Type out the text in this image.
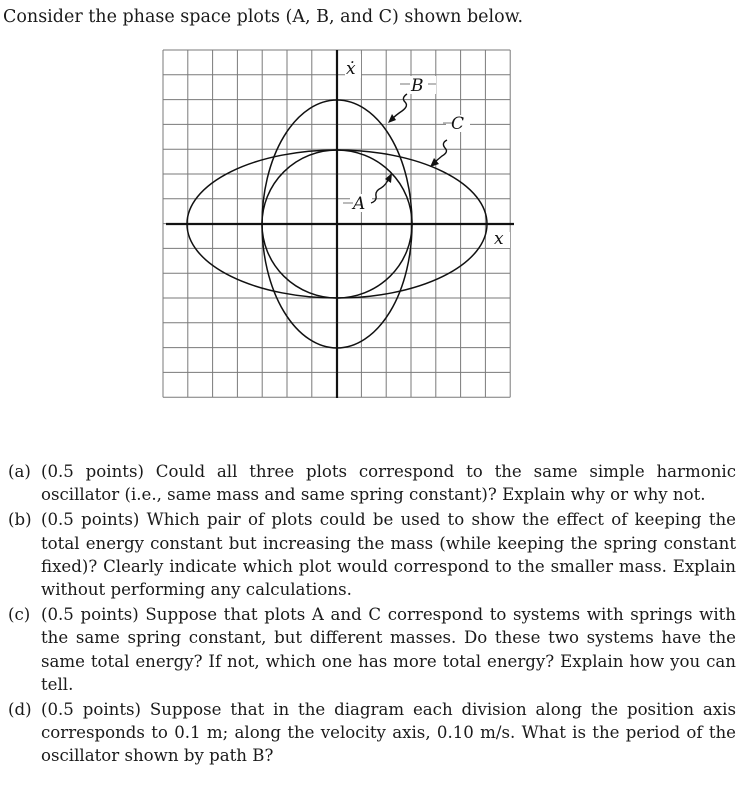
Consider the phase space plots (A, B, and C) shown below.
ẋ
B
C
A
x
(a) (0.5 points) Could all three plots correspond to the same simple harmonic oscillator (i.e., same mass and same spring constant)? Explain why or why not.
(b) (0.5 points) Which pair of plots could be used to show the effect of keeping the total energy constant but increasing the mass (while keeping the spring constant fixed)? Clearly indicate which plot would correspond to the smaller mass. Explain without performing any calculations.
(c) (0.5 points) Suppose that plots A and C correspond to systems with springs with the same spring constant, but different masses. Do these two systems have the same total energy? If not, which one has more total energy? Explain how you can tell.
(d) (0.5 points) Suppose that in the diagram each division along the position axis corresponds to 0.1 m; along the velocity axis, 0.10 m/s. What is the period of the oscillator shown by path B?
